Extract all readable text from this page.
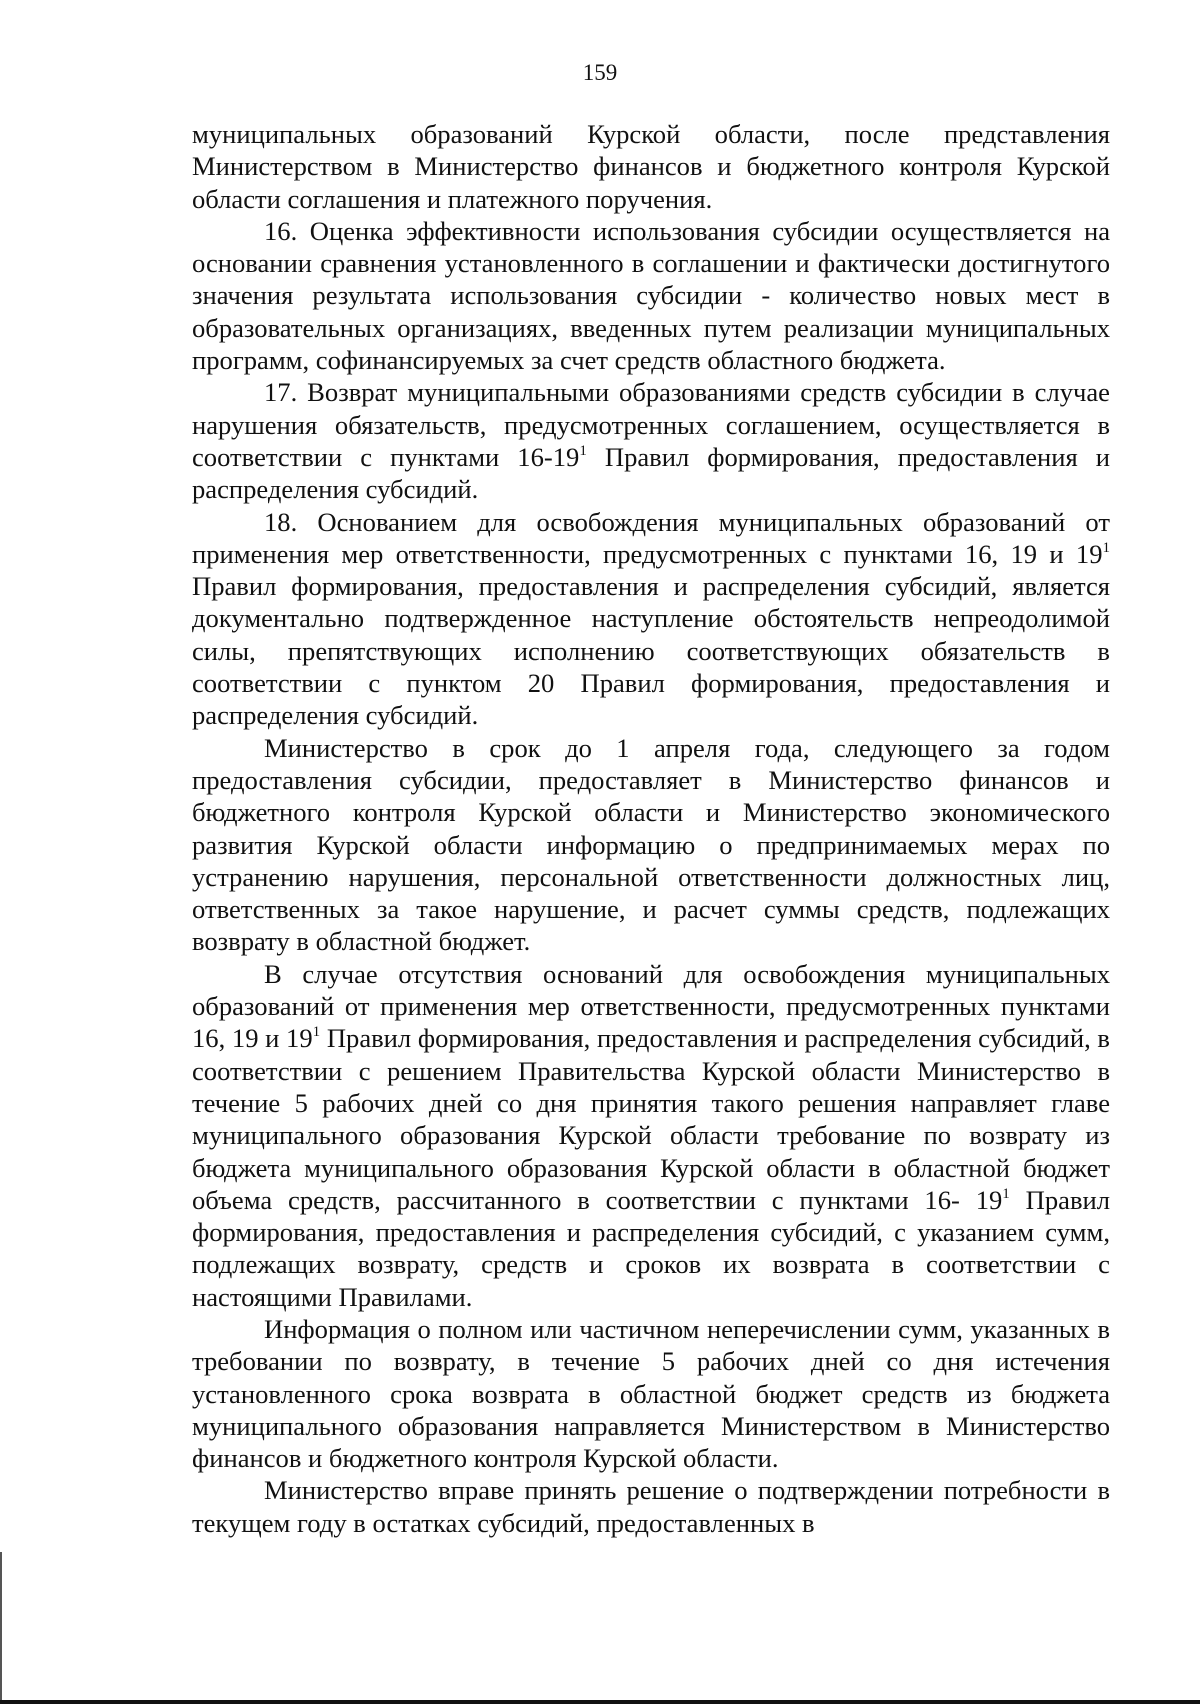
159

муниципальных образований Курской области, после представления Министерством в Министерство финансов и бюджетного контроля Курской области соглашения и платежного поручения.

16. Оценка эффективности использования субсидии осуществляется на основании сравнения установленного в соглашении и фактически достигнутого значения результата использования субсидии - количество новых мест в образовательных организациях, введенных путем реализации муниципальных программ, софинансируемых за счет средств областного бюджета.

17. Возврат муниципальными образованиями средств субсидии в случае нарушения обязательств, предусмотренных соглашением, осуществляется в соответствии с пунктами $16-19^1$ Правил формирования, предоставления и распределения субсидий.

18. Основанием для освобождения муниципальных образований от применения мер ответственности, предусмотренных с пунктами 16, 19 и $19^1$ Правил формирования, предоставления и распределения субсидий, является документально подтвержденное наступление обстоятельств непреодолимой силы, препятствующих исполнению соответствующих обязательств в соответствии с пунктом 20 Правил формирования, предоставления и распределения субсидий.

Министерство в срок до 1 апреля года, следующего за годом предоставления субсидии, предоставляет в Министерство финансов и бюджетного контроля Курской области и Министерство экономического развития Курской области информацию о предпринимаемых мерах по устранению нарушения, персональной ответственности должностных лиц, ответственных за такое нарушение, и расчет суммы средств, подлежащих возврату в областной бюджет.

В случае отсутствия оснований для освобождения муниципальных образований от применения мер ответственности, предусмотренных пунктами 16, 19 и $19^1$ Правил формирования, предоставления и распределения субсидий, в соответствии с решением Правительства Курской области Министерство в течение 5 рабочих дней со дня принятия такого решения направляет главе муниципального образования Курской области требование по возврату из бюджета муниципального образования Курской области в областной бюджет объема средств, рассчитанного в соответствии с пунктами 16- $19^1$ Правил формирования, предоставления и распределения субсидий, с указанием сумм, подлежащих возврату, средств и сроков их возврата в соответствии с настоящими Правилами.

Информация о полном или частичном неперечислении сумм, указанных в требовании по возврату, в течение 5 рабочих дней со дня истечения установленного срока возврата в областной бюджет средств из бюджета муниципального образования направляется Министерством в Министерство финансов и бюджетного контроля Курской области.

Министерство вправе принять решение о подтверждении потребности в текущем году в остатках субсидий, предоставленных в
